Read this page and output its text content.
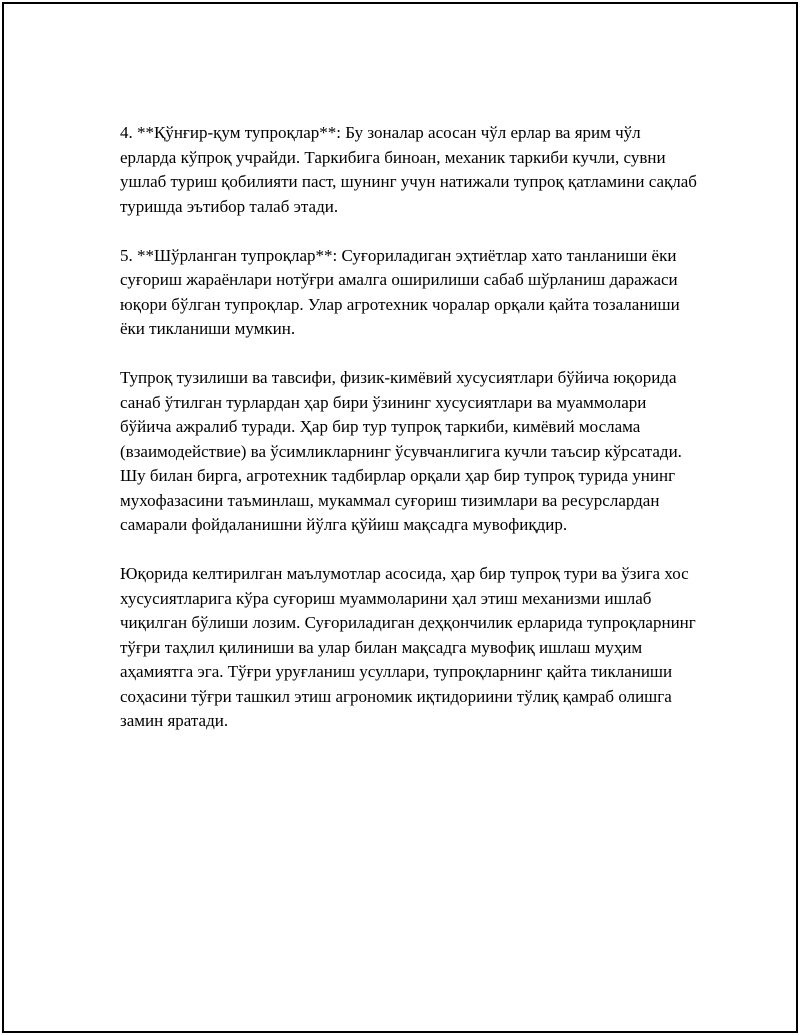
4. **Қўнғир-қум тупроқлар**: Бу зоналар асосан чўл ерлар ва ярим чўл ерларда кўпроқ учрайди. Таркибига биноан, механик таркиби кучли, сувни ушлаб туриш қобилияти паст, шунинг учун натижали тупроқ қатламини сақлаб туришда эътибор талаб этади.

5. **Шўрланган тупроқлар**: Суғориладиган эҳтиётлар хато танланиши ёки суғориш жараёнлари нотўғри амалга оширилиши сабаб шўрланиш даражаси юқори бўлган тупроқлар. Улар агротехник чоралар орқали қайта тозаланиши ёки тикланиши мумкин.

Тупроқ тузилиши ва тавсифи, физик-кимёвий хусусиятлари бўйича юқорида санаб ўтилган турлардан ҳар бири ўзининг хусусиятлари ва муаммолари бўйича ажралиб туради. Ҳар бир тур тупроқ таркиби, кимёвий мослама (взаимодействие) ва ўсимликларнинг ўсувчанлигига кучли таъсир кўрсатади. Шу билан бирга, агротехник тадбирлар орқали ҳар бир тупроқ турида унинг мухофазасини таъминлаш, мукаммал суғориш тизимлари ва ресурслардан самарали фойдаланишни йўлга қўйиш мақсадга мувофиқдир.

Юқорида келтирилган маълумотлар асосида, ҳар бир тупроқ тури ва ўзига хос хусусиятларига кўра суғориш муаммоларини ҳал этиш механизми ишлаб чиқилган бўлиши лозим. Суғориладиган деҳқончилик ерларида тупроқларнинг тўғри таҳлил қилиниши ва улар билан мақсадга мувофиқ ишлаш муҳим аҳамиятга эга. Тўғри уруғланиш усуллари, тупроқларнинг қайта тикланиши соҳасини тўғри ташкил этиш агрономик иқтидориини тўлиқ қамраб олишга замин яратади.
